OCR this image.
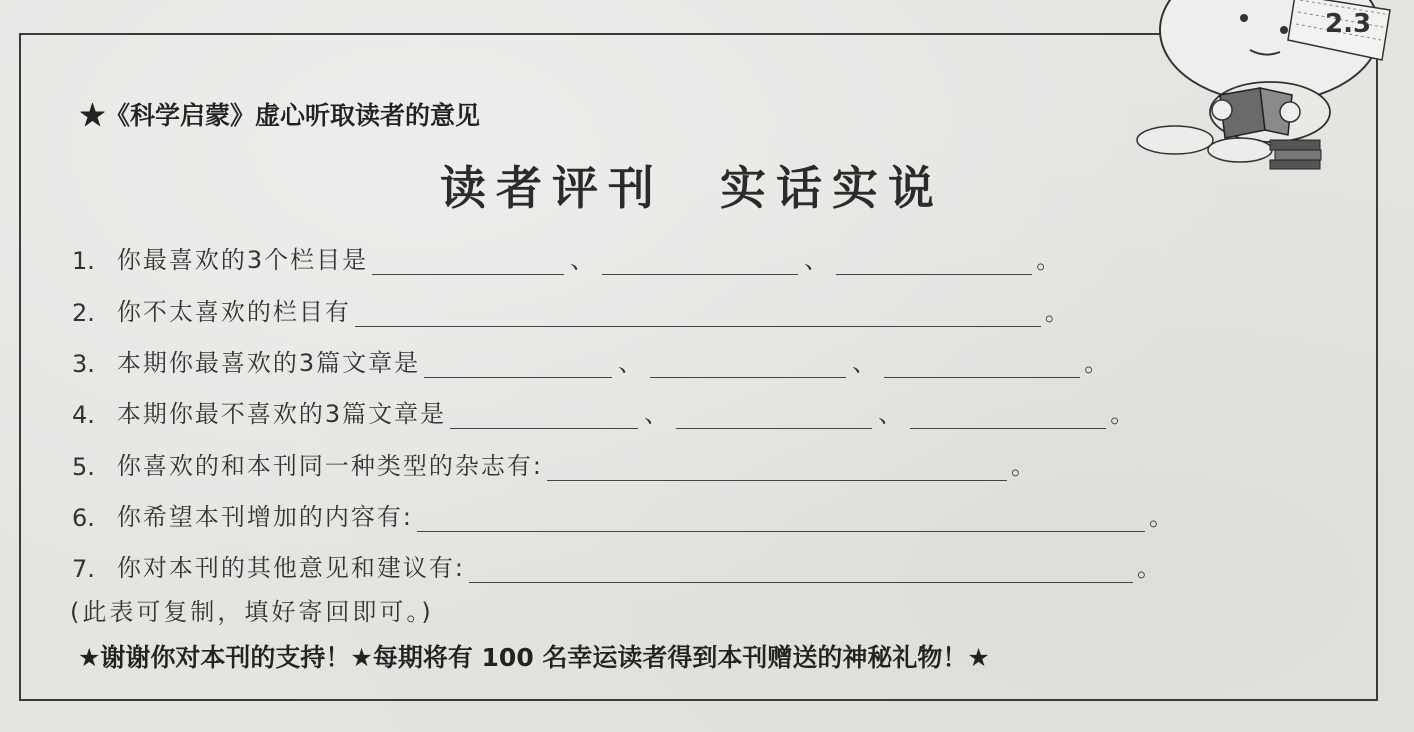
2.3
★《科学启蒙》虚心听取读者的意见
读者评刊　实话实说
1. 你最喜欢的3个栏目是	、	、	。
2. 你不太喜欢的栏目有	。
3. 本期你最喜欢的3篇文章是	、	、	。
4. 本期你最不喜欢的3篇文章是	、	、	。
5. 你喜欢的和本刊同一种类型的杂志有:	。
6. 你希望本刊增加的内容有:	。
7. 你对本刊的其他意见和建议有:	。
(此表可复制，填好寄回即可。)
★谢谢你对本刊的支持！★每期将有 100 名幸运读者得到本刊赠送的神秘礼物！★
